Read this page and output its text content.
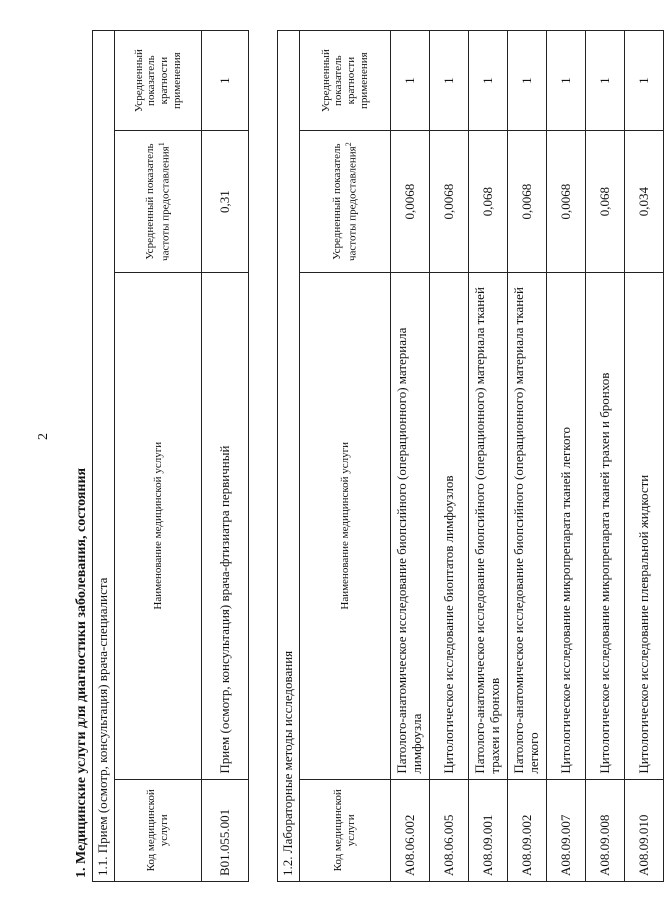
2
1. Медицинские услуги для диагностики заболевания, состояния 1.1. Прием (осмотр, консультация) врача-специалиста			
Код медицинской услуги	Наименование медицинской услуги	Усредненный показатель частоты предоставления$^1$	Усредненный показатель кратности применения
B01.055.001	Прием (осмотр, консультация) врача-фтизиатра первичный	0,31	1
1.2. Лабораторные методы исследования			
Код медицинской услуги	Наименование медицинской услуги	Усредненный показатель частоты предоставления$^2$	Усредненный показатель кратности применения
A08.06.002	Патолого-анатомическое исследование биопсийного (операционного) материала лимфоузла	0,0068	1
A08.06.005	Цитологическое исследование биоптатов лимфоузлов	0,0068	1
A08.09.001	Патолого-анатомическое исследование биопсийного (операционного) материала тканей трахеи и бронхов	0,068	1
A08.09.002	Патолого-анатомическое исследование биопсийного (операционного) материала тканей легкого	0,0068	1
A08.09.007	Цитологическое исследование микропрепарата тканей легкого	0,0068	1
A08.09.008	Цитологическое исследование микропрепарата тканей трахеи и бронхов	0,068	1
A08.09.010	Цитологическое исследование плевральной жидкости	0,034	1
